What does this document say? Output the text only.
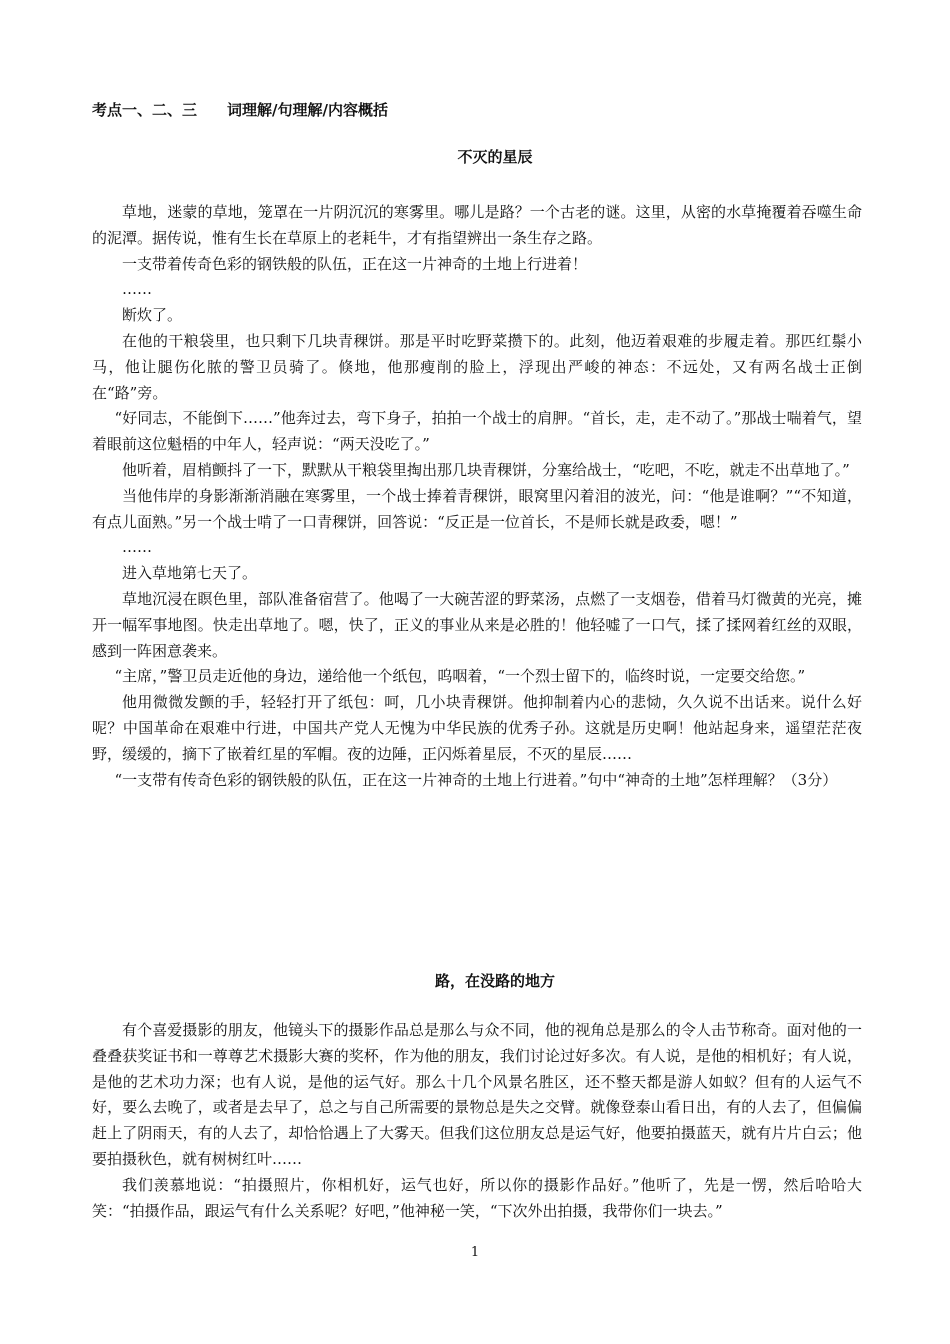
考点一、二、三　　词理解/句理解/内容概括
不灭的星辰

草地，迷蒙的草地，笼罩在一片阴沉沉的寒雾里。哪儿是路？一个古老的谜。这里，从密的水草掩覆着吞噬生命的泥潭。据传说，惟有生长在草原上的老耗牛，才有指望辨出一条生存之路。

一支带着传奇色彩的钢铁般的队伍，正在这一片神奇的土地上行进着！

……

断炊了。

在他的干粮袋里，也只剩下几块青稞饼。那是平时吃野菜攒下的。此刻，他迈着艰难的步履走着。那匹红鬃小马，他让腿伤化脓的警卫员骑了。倏地，他那瘦削的脸上，浮现出严峻的神态：不远处，又有两名战士正倒在“路”旁。

“好同志，不能倒下……”他奔过去，弯下身子，拍拍一个战士的肩胛。“首长，走，走不动了。”那战士喘着气，望着眼前这位魁梧的中年人，轻声说：“两天没吃了。”

他听着，眉梢颤抖了一下，默默从干粮袋里掏出那几块青稞饼，分塞给战士，“吃吧，不吃，就走不出草地了。”

当他伟岸的身影渐渐消融在寒雾里，一个战士捧着青稞饼，眼窝里闪着泪的波光，问：“他是谁啊？”“不知道，有点儿面熟。”另一个战士啃了一口青稞饼，回答说：“反正是一位首长，不是师长就是政委，嗯！”

……

进入草地第七天了。

草地沉浸在瞑色里，部队准备宿营了。他喝了一大碗苦涩的野菜汤，点燃了一支烟卷，借着马灯微黄的光亮，摊开一幅军事地图。快走出草地了。嗯，快了，正义的事业从来是必胜的！他轻嘘了一口气，揉了揉网着红丝的双眼，感到一阵困意袭来。

“主席，”警卫员走近他的身边，递给他一个纸包，呜咽着，“一个烈士留下的，临终时说，一定要交给您。”

他用微微发颤的手，轻轻打开了纸包：呵，几小块青稞饼。他抑制着内心的悲恸，久久说不出话来。说什么好呢？中国革命在艰难中行进，中国共产党人无愧为中华民族的优秀子孙。这就是历史啊！他站起身来，遥望茫茫夜野，缓缓的，摘下了嵌着红星的军帽。夜的边陲，正闪烁着星辰，不灭的星辰……

“一支带有传奇色彩的钢铁般的队伍，正在这一片神奇的土地上行进着。”句中“神奇的土地”怎样理解？（3分）

路，在没路的地方

有个喜爱摄影的朋友，他镜头下的摄影作品总是那么与众不同，他的视角总是那么的令人击节称奇。面对他的一叠叠获奖证书和一尊尊艺术摄影大赛的奖杯，作为他的朋友，我们讨论过好多次。有人说，是他的相机好；有人说，是他的艺术功力深；也有人说，是他的运气好。那么十几个风景名胜区，还不整天都是游人如蚁？但有的人运气不好，要么去晚了，或者是去早了，总之与自己所需要的景物总是失之交臂。就像登泰山看日出，有的人去了，但偏偏赶上了阴雨天，有的人去了，却恰恰遇上了大雾天。但我们这位朋友总是运气好，他要拍摄蓝天，就有片片白云；他要拍摄秋色，就有树树红叶……

我们羡慕地说：“拍摄照片，你相机好，运气也好，所以你的摄影作品好。”他听了，先是一愣，然后哈哈大笑：“拍摄作品，跟运气有什么关系呢？好吧，”他神秘一笑，“下次外出拍摄，我带你们一块去。”

1
